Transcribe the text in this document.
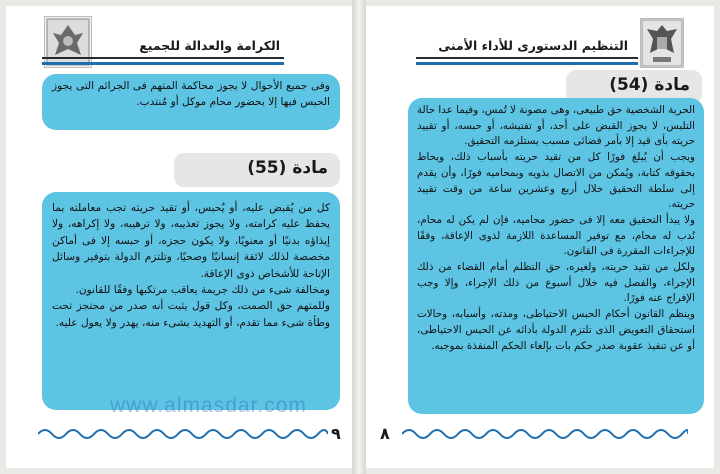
الكرامة والعدالة للجميع

وفى جميع الأحوال لا يجوز محاكمة المتهم فى الجرائم التى يجوز الحبس فيها إلا بحضور محام موكل أو مُنتدب.

مادة (55)

كل من يُقبض عليه، أو يُحبس، أو تقيد حريته تجب معاملته بما يحفظ عليه كرامته، ولا يجوز تعذيبه، ولا ترهيبه، ولا إكراهه، ولا إيذاؤه بدنيًا أو معنويًا، ولا يكون حجزه، أو حبسه إلا فى أماكن مخصصة لذلك لائقة إنسانيًا وصحيًا، وتلتزم الدولة بتوفير وسائل الإتاحة للأشخاص ذوى الإعاقة.

ومخالفة شىء من ذلك جريمة يعاقب مرتكبها وفقًا للقانون.

وللمتهم حق الصمت، وكل قول يثبت أنه صدر من محتجز تحت وطأة شىء مما تقدم، أو التهديد بشىء منه، يهدر ولا يعول عليه.

٩
التنظيم الدستورى للأداء الأمنى
مادة (54)

الحرية الشخصية حق طبيعى، وهى مصونة لا تُمس، وفيما عدا حالة التلبس، لا يجوز القبض على أحد، أو تفتيشه، أو حبسه، أو تقييد حريته بأى قيد إلا بأمر قضائى مسبب يستلزمه التحقيق.

ويجب أن يُبلغ فورًا كل من تقيد حريته بأسباب ذلك، ويحاط بحقوقه كتابة، ويُمكن من الاتصال بذويه وبمحاميه فورًا، وأن يقدم إلى سلطة التحقيق خلال أربع وعشرين ساعة من وقت تقييد حريته.

ولا يبدأ التحقيق معه إلا فى حضور محاميه، فإن لم يكن له محام، نُدب له محام، مع توفير المساعدة اللازمة لذوى الإعاقة، وفقًا للإجراءات المقررة فى القانون.

ولكل من تقيد حريته، ولغيره، حق التظلم أمام القضاء من ذلك الإجراء، والفصل فيه خلال أسبوع من ذلك الإجراء، وإلا وجب الإفراج عنه فورًا.

وينظم القانون أحكام الحبس الاحتياطى، ومدته، وأسبابه، وحالات استحقاق التعويض الذى تلتزم الدولة بأدائه عن الحبس الاحتياطى، أو عن تنفيذ عقوبة صدر حكم بات بإلغاء الحكم المنفذة بموجبه.

٨
www.almasdar.com
